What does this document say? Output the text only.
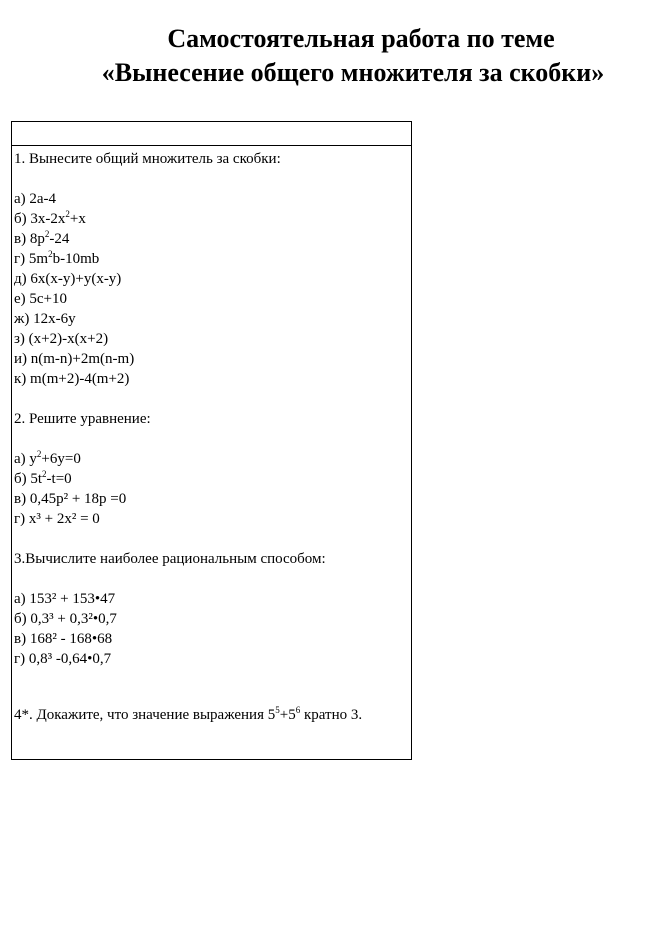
Самостоятельная работа по теме
«Вынесение общего множителя за скобки»
1. Вынесите общий множитель за скобки:
а) 2а-4
б) $3х-2х^2+х$
в) $8р^2-24$
г) $5m^2b-10mb$
д) 6х(х-у)+у(х-у)
е) 5с+10
ж) 12х-6у
з) (х+2)-х(х+2)
и) n(m-n)+2m(n-m)
к) m(m+2)-4(m+2)
2. Решите уравнение:
а) $y^2+6y=0$
б) $5t^2-t=0$
в) 0,45р² + 18р =0
г) х³ + 2х² = 0
3.Вычислите наиболее рациональным способом:
а) 153² + 153•47
б) 0,3³ + 0,3²•0,7
в) 168² - 168•68
г) 0,8³ -0,64•0,7
4*. Докажите, что значение выражения $5^5+5^6$ кратно 3.
